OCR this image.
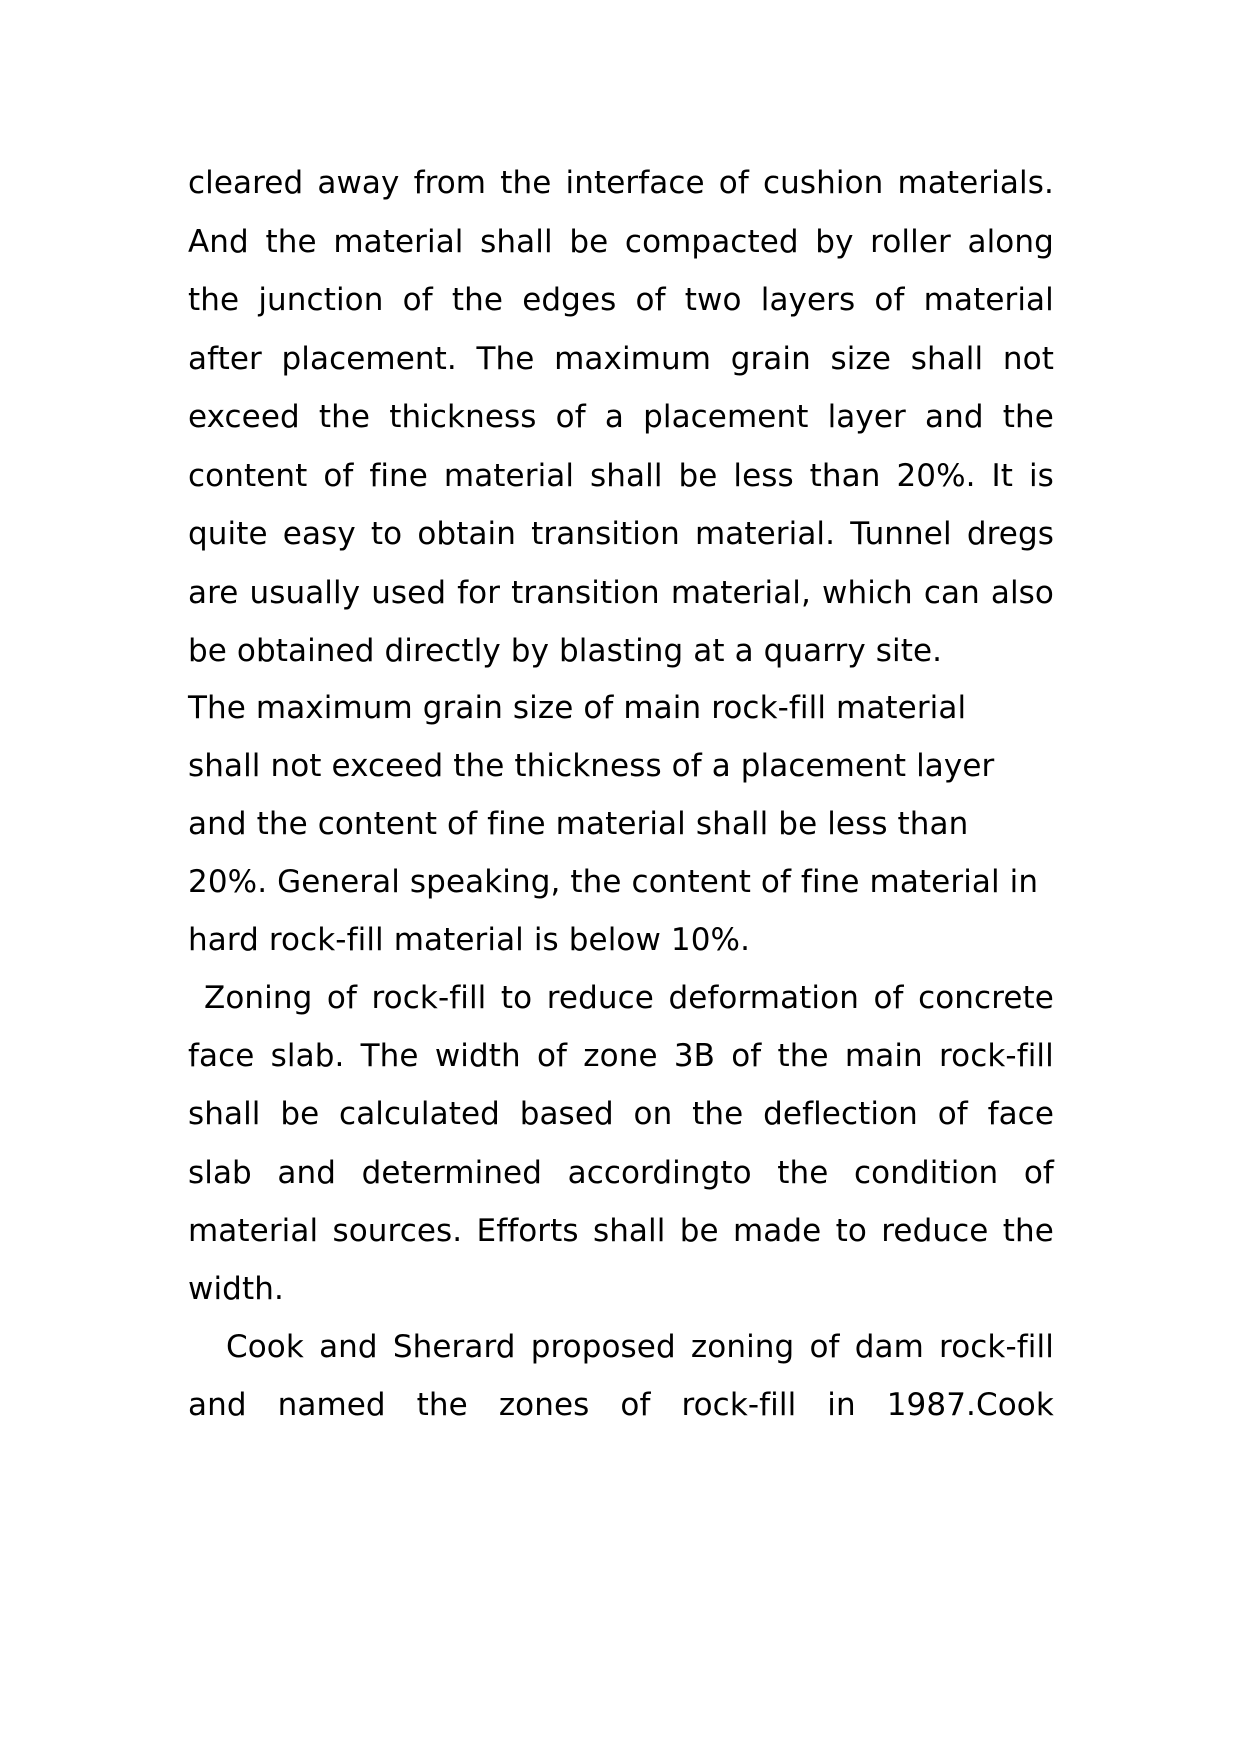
cleared away from the interface of cushion materials.
And the material shall be compacted by roller along
the junction of the edges of two layers of material
after placement. The maximum grain size shall not
exceed the thickness of a placement layer and the
content of fine material shall be less than 20%. It is
quite easy to obtain transition material. Tunnel dregs
are usually used for transition material, which can also
be obtained directly by blasting at a quarry site.
The maximum grain size of main rock-fill material
shall not exceed the thickness of a placement layer
and the content of fine material shall be less than
20%. General speaking, the content of fine material in
hard rock-fill material is below 10%.
Zoning of rock-fill to reduce deformation of concrete
face slab. The width of zone 3B of the main rock-fill
shall be calculated based on the deflection of face
slab and determined accordingto the condition of
material sources. Efforts shall be made to reduce the
width.
Cook and Sherard proposed zoning of dam rock-fill
and named the zones of rock-fill in 1987.Cook
